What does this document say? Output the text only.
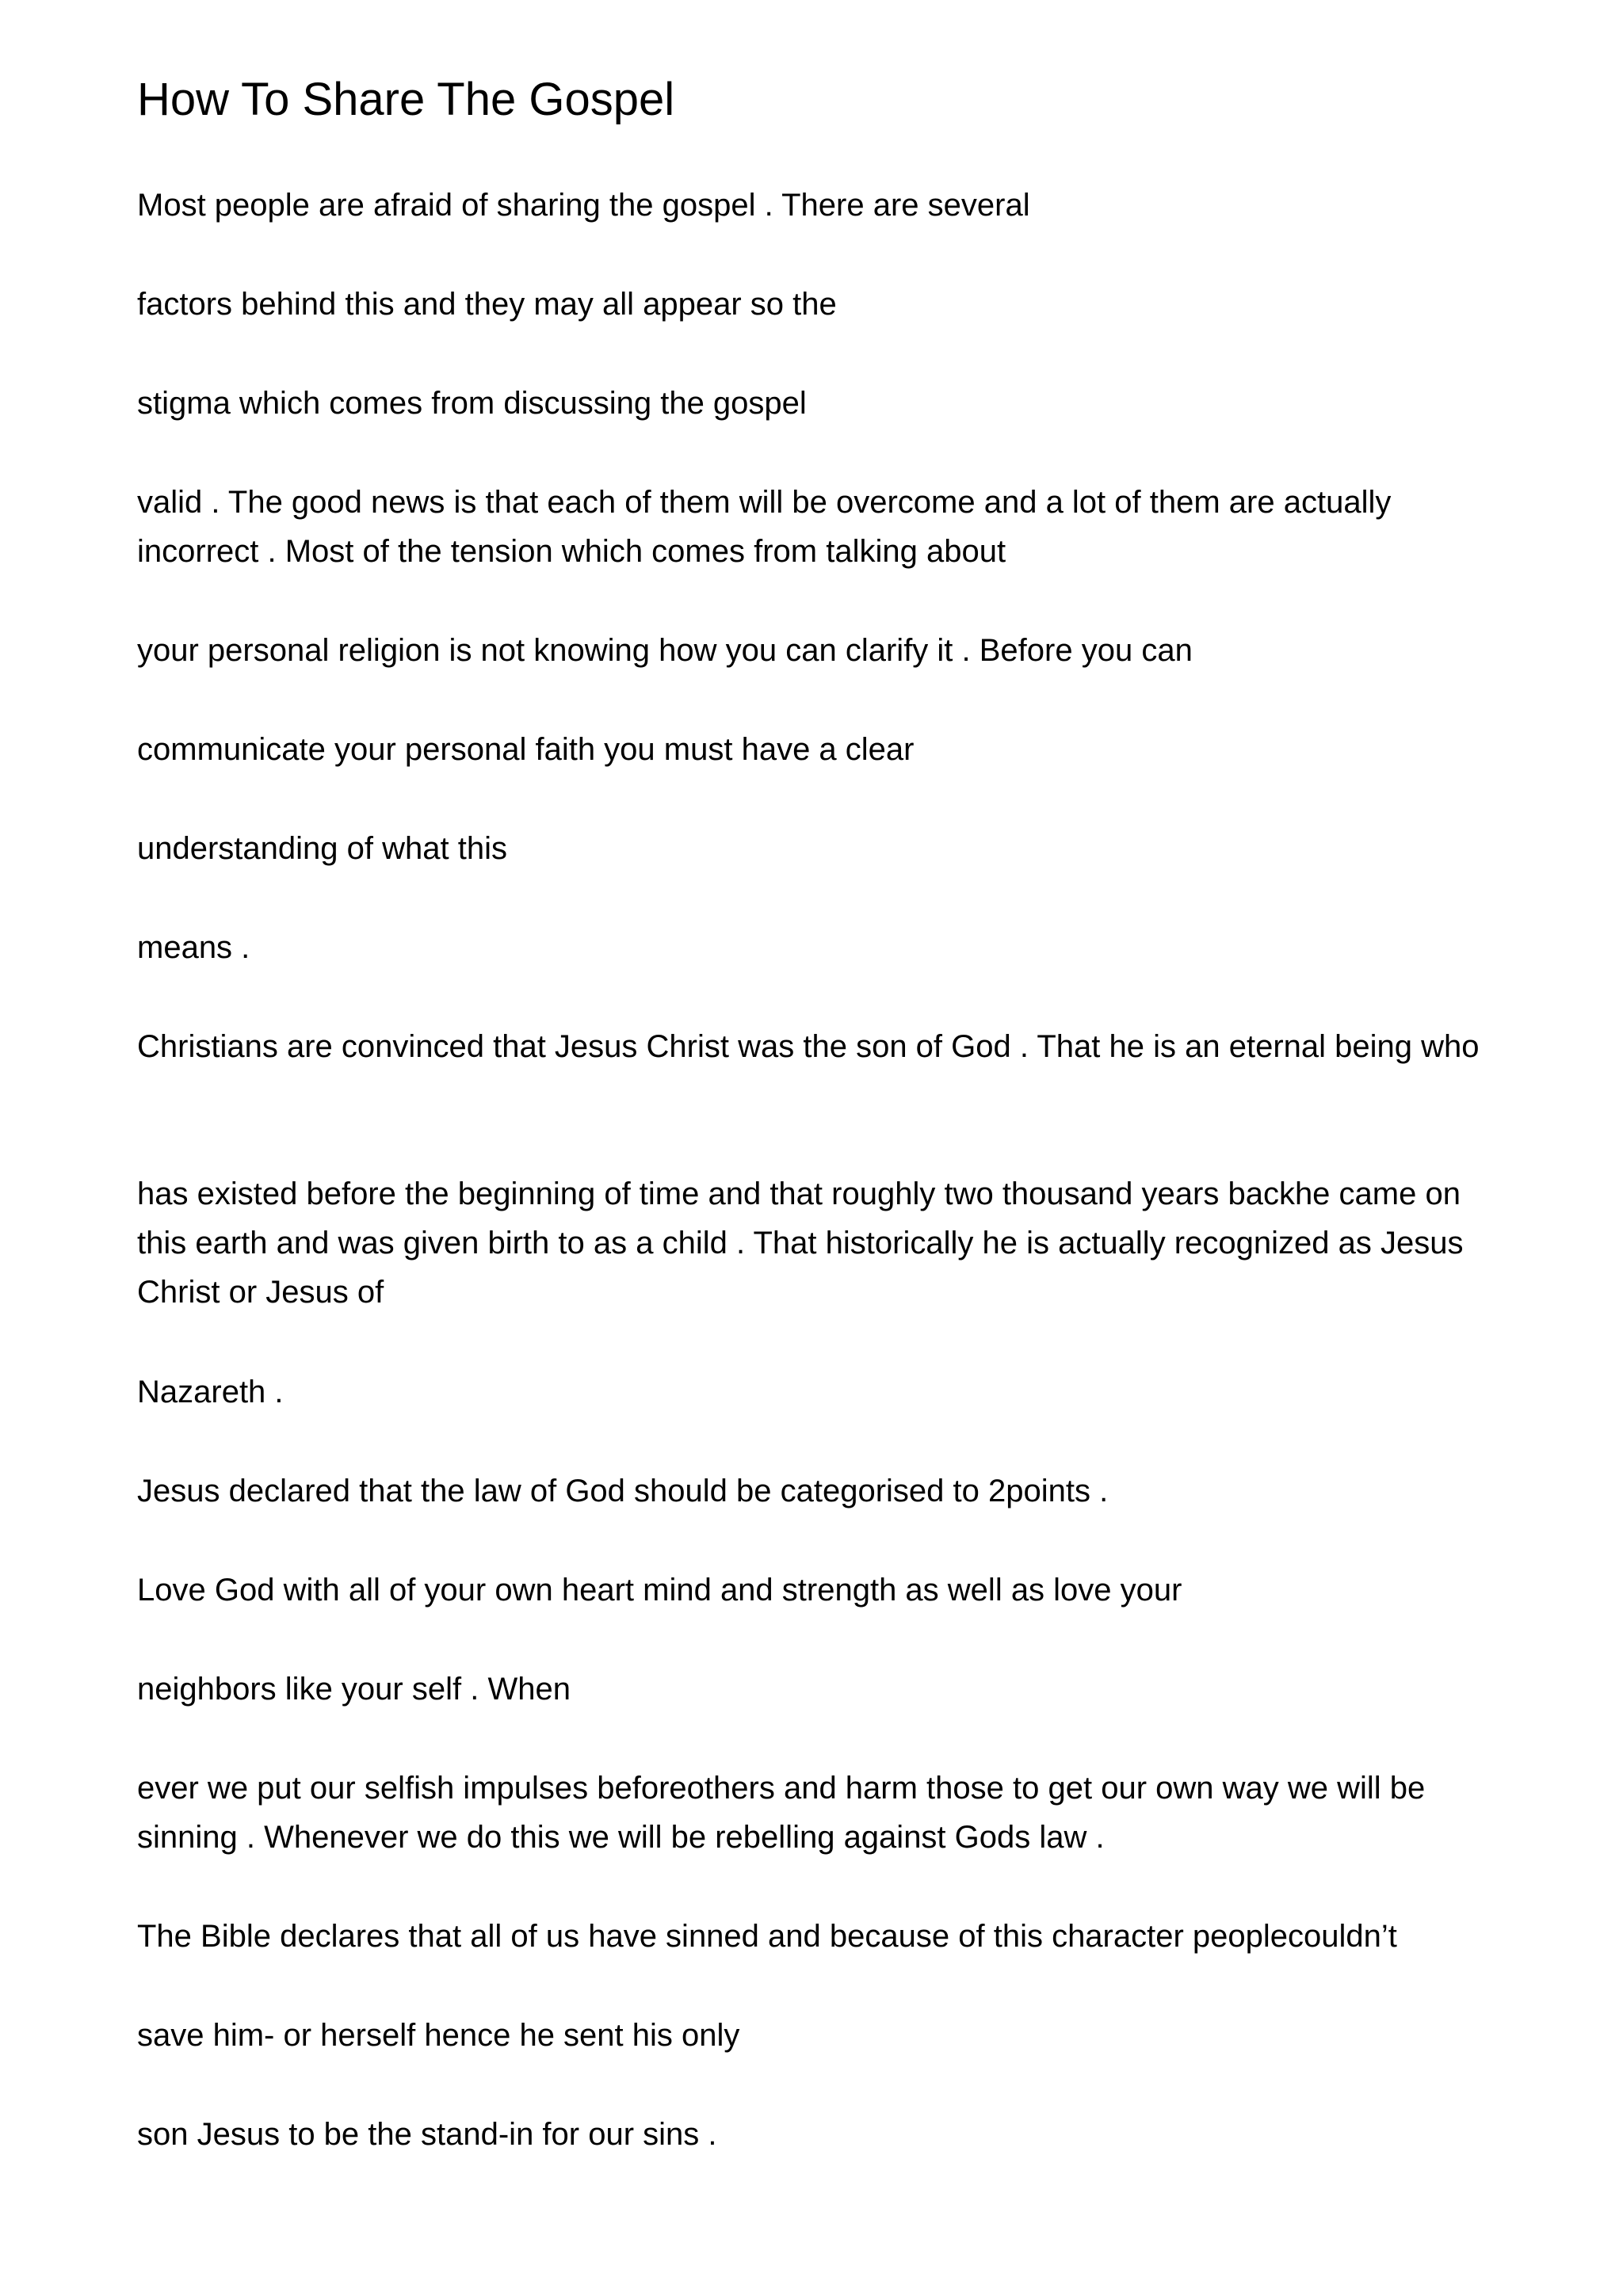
How To Share The Gospel

Most people are afraid of sharing the gospel . There are several

factors behind this and they may all appear so the

stigma which comes from discussing the gospel

valid . The good news is that each of them will be overcome and a lot of them are actually incorrect . Most of the tension which comes from talking about

your personal religion is not knowing how you can clarify it . Before you can

communicate your personal faith you must have a clear

understanding of what this

means .

Christians are convinced that Jesus Christ was the son of God . That he is an eternal being who

has existed before the beginning of time and that roughly two thousand years backhe came on this earth and was given birth to as a child . That historically he is actually recognized as Jesus Christ or Jesus of

Nazareth .

Jesus declared that the law of God should be categorised to 2points .

Love God with all of your own heart mind and strength as well as love your

neighbors like your self . When

ever we put our selfish impulses beforeothers and harm those to get our own way we will be sinning . Whenever we do this we will be rebelling against Gods law .

The Bible declares that all of us have sinned and because of this character peoplecouldn’t

save him- or herself hence he sent his only

son Jesus to be the stand-in for our sins .
